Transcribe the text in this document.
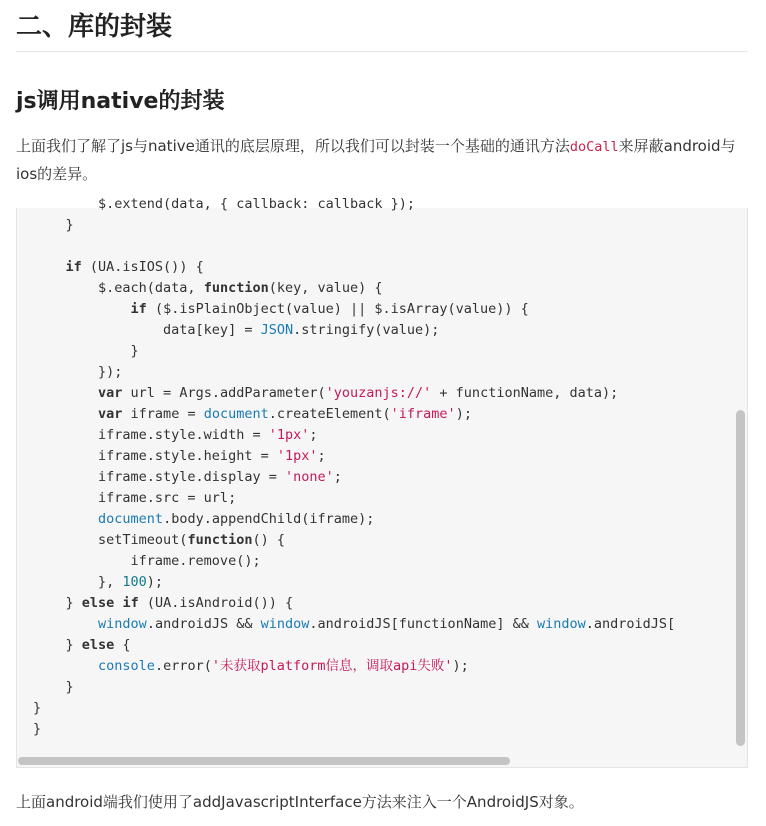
二、库的封装
js调用native的封装

上面我们了解了js与native通讯的底层原理，所以我们可以封装一个基础的通讯方法doCall来屏蔽android与ios的差异。

$.extend(data, { callback: callback });
}
if (UA.isIOS()) {
$.each(data, function(key, value) {
if ($.isPlainObject(value) || $.isArray(value)) {
data[key] = JSON.stringify(value);
}
});
var url = Args.addParameter('youzanjs://' + functionName, data);
var iframe = document.createElement('iframe');
iframe.style.width = '1px';
iframe.style.height = '1px';
iframe.style.display = 'none';
iframe.src = url;
document.body.appendChild(iframe);
setTimeout(function() {
iframe.remove();
}, 100);
} else if (UA.isAndroid()) {
window.androidJS && window.androidJS[functionName] && window.androidJS[
} else {
console.error('未获取platform信息，调取api失败');
}
}
}

上面android端我们使用了addJavascriptInterface方法来注入一个AndroidJS对象。
